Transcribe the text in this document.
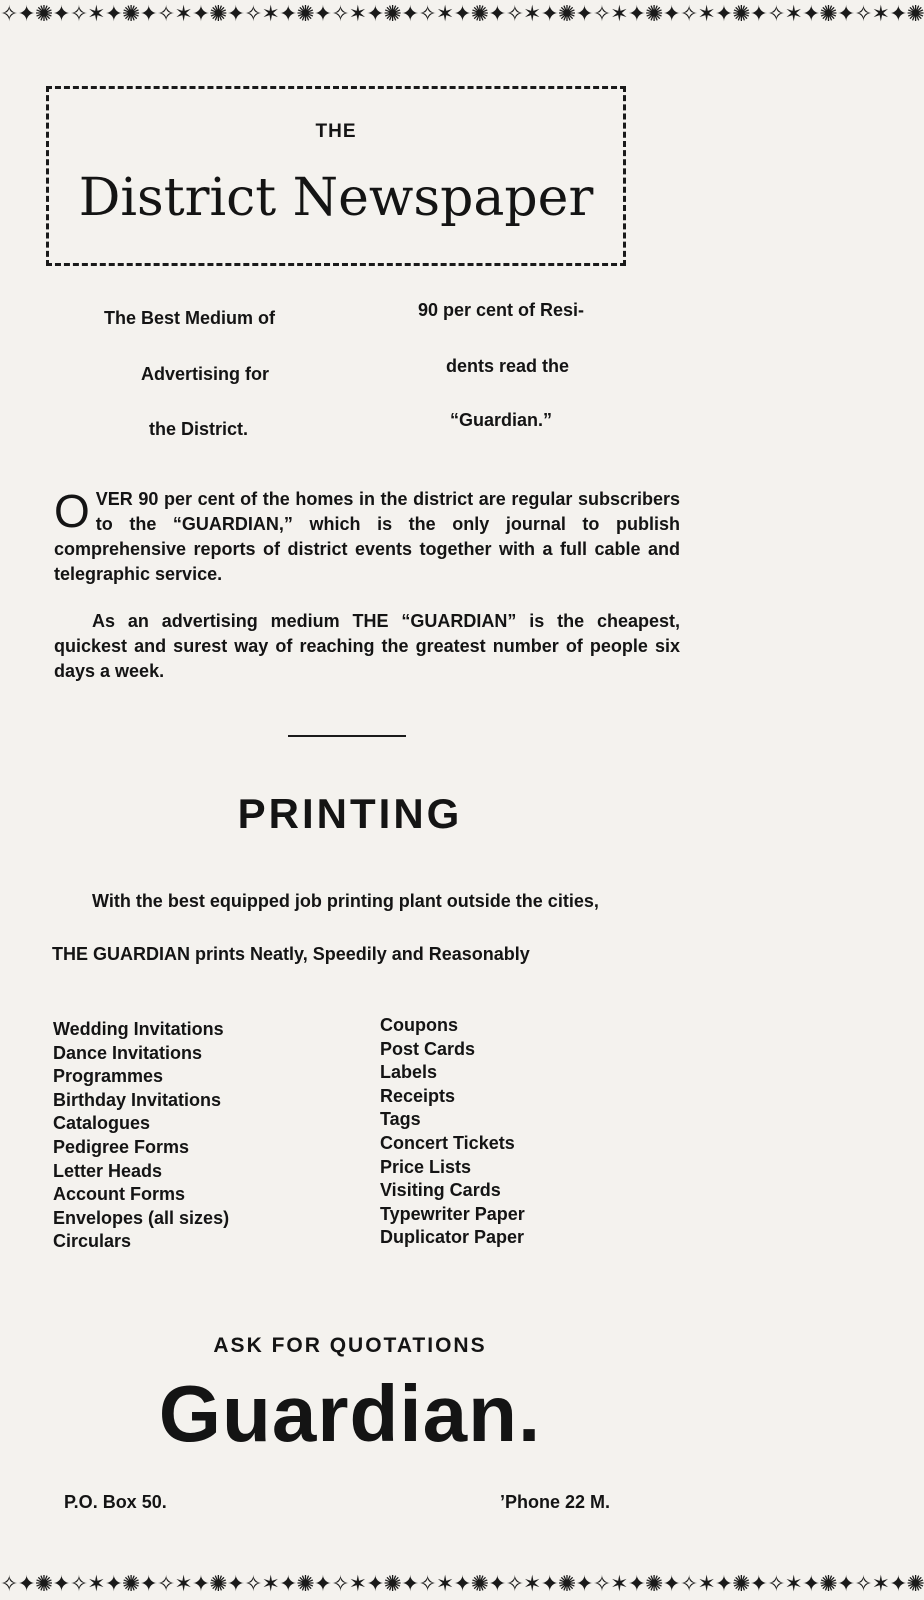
✧✦✺✦✧✶✦✺✦✧✶✦✺✦✧✶✦✺✦✧✶✦✺✦✧✶✦✺✦✧✶✦✺✦✧✶✦✺✦✧✶✦✺✦✧✶✦✺✦✧✶✦✺
THE
District Newspaper
The Best Medium of
Advertising for
the District.
90 per cent of Resi-
dents read the
“Guardian.”
OVER 90 per cent of the homes in the district are regular subscribers to the “GUARDIAN,” which is the only journal to publish comprehensive reports of district events together with a full cable and telegraphic service.
As an advertising medium THE “GUARDIAN” is the cheapest, quickest and surest way of reaching the greatest number of people six days a week.
PRINTING
With the best equipped job printing plant outside the cities,
THE GUARDIAN prints Neatly, Speedily and Reasonably
Wedding Invitations
Dance Invitations
Programmes
Birthday Invitations
Catalogues
Pedigree Forms
Letter Heads
Account Forms
Envelopes (all sizes)
Circulars
Coupons
Post Cards
Labels
Receipts
Tags
Concert Tickets
Price Lists
Visiting Cards
Typewriter Paper
Duplicator Paper
ASK FOR QUOTATIONS
Guardian.
P.O. Box 50.	’Phone 22 M.
✧✦✺✦✧✶✦✺✦✧✶✦✺✦✧✶✦✺✦✧✶✦✺✦✧✶✦✺✦✧✶✦✺✦✧✶✦✺✦✧✶✦✺✦✧✶✦✺✦✧✶✦✺
